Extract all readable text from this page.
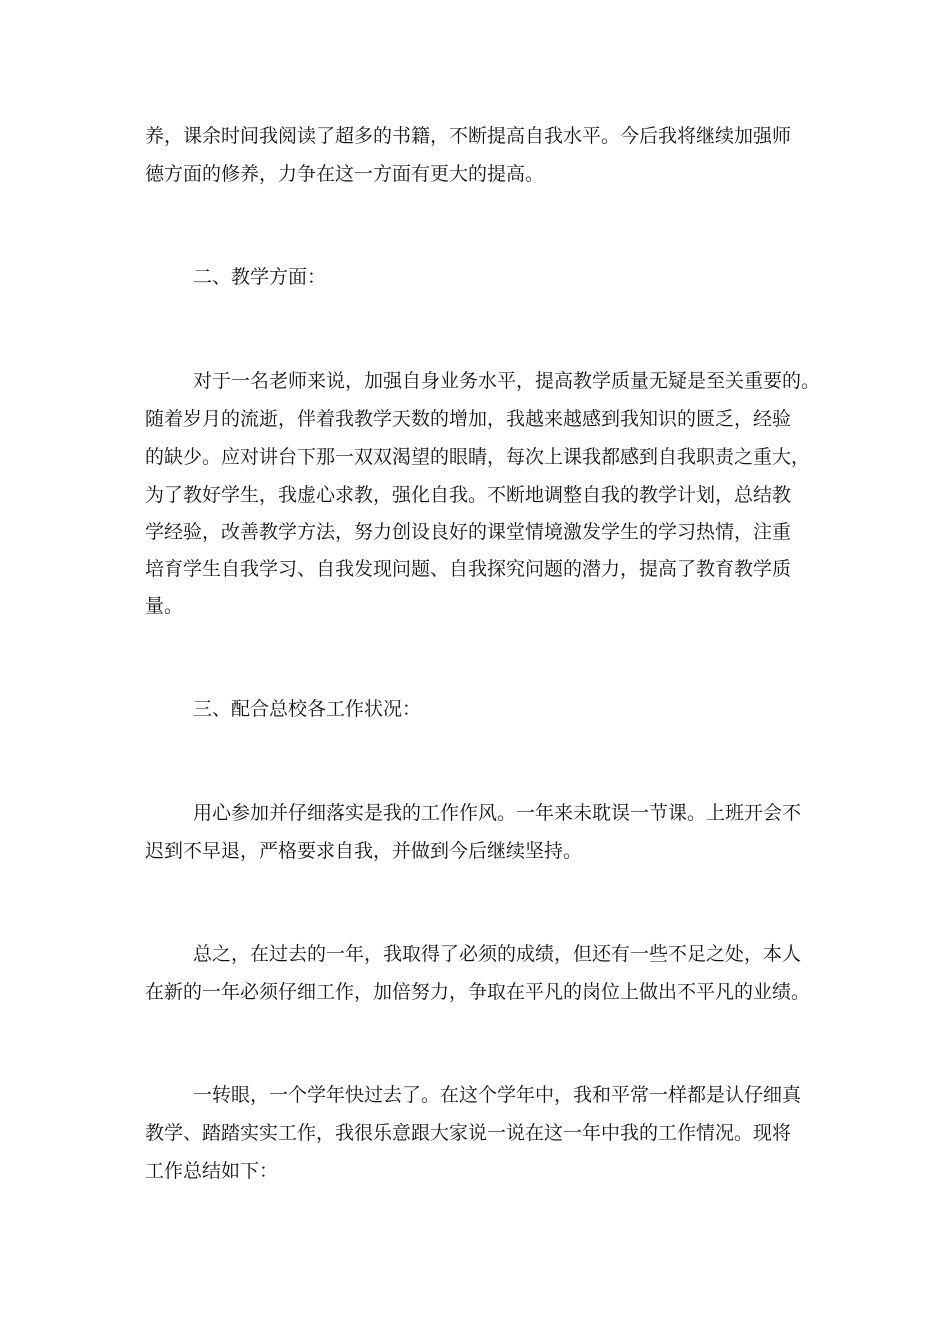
养，课余时间我阅读了超多的书籍，不断提高自我水平。今后我将继续加强师
德方面的修养，力争在这一方面有更大的提高。
二、教学方面：
对于一名老师来说，加强自身业务水平，提高教学质量无疑是至关重要的。
随着岁月的流逝，伴着我教学天数的增加，我越来越感到我知识的匮乏，经验
的缺少。应对讲台下那一双双渴望的眼睛，每次上课我都感到自我职责之重大，
为了教好学生，我虚心求教，强化自我。不断地调整自我的教学计划，总结教
学经验，改善教学方法，努力创设良好的课堂情境激发学生的学习热情，注重
培育学生自我学习、自我发现问题、自我探究问题的潜力，提高了教育教学质
量。
三、配合总校各工作状况：
用心参加并仔细落实是我的工作作风。一年来未耽误一节课。上班开会不
迟到不早退，严格要求自我，并做到今后继续坚持。
总之，在过去的一年，我取得了必须的成绩，但还有一些不足之处，本人
在新的一年必须仔细工作，加倍努力，争取在平凡的岗位上做出不平凡的业绩。
一转眼，一个学年快过去了。在这个学年中，我和平常一样都是认仔细真
教学、踏踏实实工作，我很乐意跟大家说一说在这一年中我的工作情况。现将
工作总结如下：
